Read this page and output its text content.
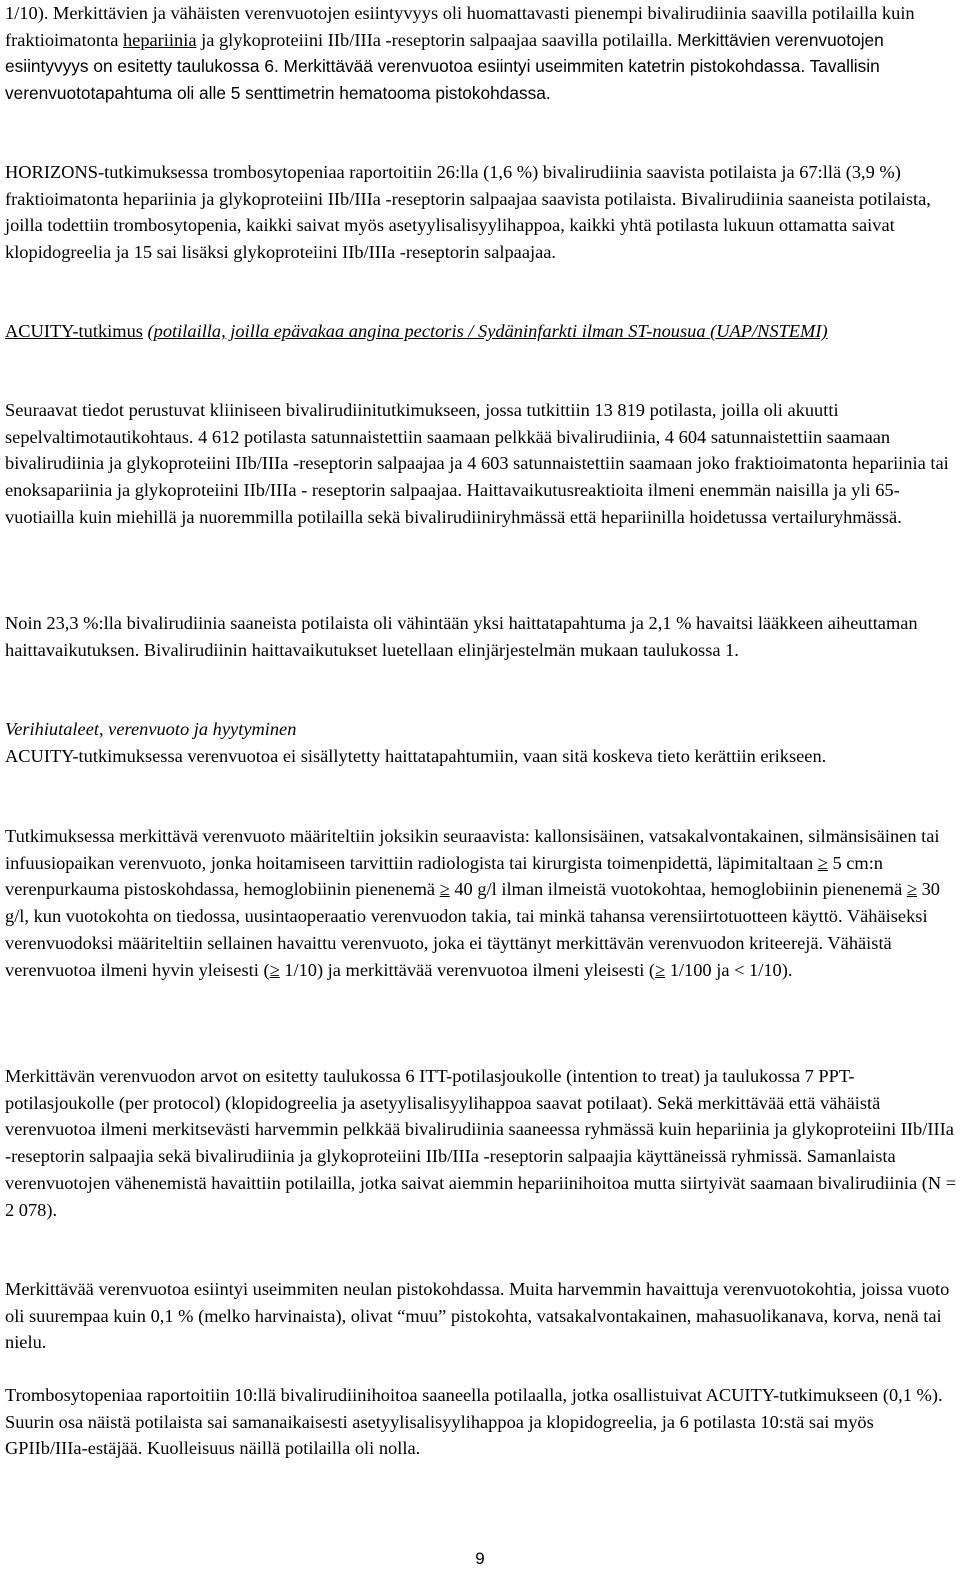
1/10). Merkittävien ja vähäisten verenvuotojen esiintyvyys oli huomattavasti pienempi bivalirudiinia saavilla potilailla kuin fraktioimatonta hepariinia ja glykoproteiini IIb/IIIa -reseptorin salpaajaa saavilla potilailla. Merkittävien verenvuotojen esiintyvyys on esitetty taulukossa 6. Merkittävää verenvuotoa esiintyi useimmiten katetrin pistokohdassa. Tavallisin verenvuototapahtuma oli alle 5 senttimetrin hematooma pistokohdassa.

HORIZONS-tutkimuksessa trombosytopeniaa raportoitiin 26:lla (1,6 %) bivalirudiinia saavista potilaista ja 67:llä (3,9 %) fraktioimatonta hepariinia ja glykoproteiini IIb/IIIa -reseptorin salpaajaa saavista potilaista. Bivalirudiinia saaneista potilaista, joilla todettiin trombosytopenia, kaikki saivat myös asetyylisalisyylihappoa, kaikki yhtä potilasta lukuun ottamatta saivat klopidogreelia ja 15 sai lisäksi glykoproteiini IIb/IIIa -reseptorin salpaajaa.

ACUITY-tutkimus (potilailla, joilla epävakaa angina pectoris / Sydäninfarkti ilman ST-nousua (UAP/NSTEMI)

Seuraavat tiedot perustuvat kliiniseen bivalirudiinitutkimukseen, jossa tutkittiin 13 819 potilasta, joilla oli akuutti sepelvaltimotautikohtaus. 4 612 potilasta satunnaistettiin saamaan pelkkää bivalirudiinia, 4 604 satunnaistettiin saamaan bivalirudiinia ja glykoproteiini IIb/IIIa -reseptorin salpaajaa ja 4 603 satunnaistettiin saamaan joko fraktioimatonta hepariinia tai enoksapariinia ja glykoproteiini IIb/IIIa - reseptorin salpaajaa. Haittavaikutusreaktioita ilmeni enemmän naisilla ja yli 65-vuotiailla kuin miehillä ja nuoremmilla potilailla sekä bivalirudiiniryhmässä että hepariinilla hoidetussa vertailuryhmässä.

Noin 23,3 %:lla bivalirudiinia saaneista potilaista oli vähintään yksi haittatapahtuma ja 2,1 % havaitsi lääkkeen aiheuttaman haittavaikutuksen. Bivalirudiinin haittavaikutukset luetellaan elinjärjestelmän mukaan taulukossa 1.

Verihiutaleet, verenvuoto ja hyytyminen

ACUITY-tutkimuksessa verenvuotoa ei sisällytetty haittatapahtumiin, vaan sitä koskeva tieto kerättiin erikseen.

Tutkimuksessa merkittävä verenvuoto määriteltiin joksikin seuraavista: kallonsisäinen, vatsakalvontakainen, silmänsisäinen tai infuusiopaikan verenvuoto, jonka hoitamiseen tarvittiin radiologista tai kirurgista toimenpidettä, läpimitaltaan ≥ 5 cm:n verenpurkauma pistoskohdassa, hemoglobiinin pienenemä ≥ 40 g/l ilman ilmeistä vuotokohtaa, hemoglobiinin pienenemä ≥ 30 g/l, kun vuotokohta on tiedossa, uusintaoperaatio verenvuodon takia, tai minkä tahansa verensiirtotuotteen käyttö. Vähäiseksi verenvuodoksi määriteltiin sellainen havaittu verenvuoto, joka ei täyttänyt merkittävän verenvuodon kriteerejä. Vähäistä verenvuotoa ilmeni hyvin yleisesti (≥ 1/10) ja merkittävää verenvuotoa ilmeni yleisesti (≥ 1/100 ja < 1/10).

Merkittävän verenvuodon arvot on esitetty taulukossa 6 ITT-potilasjoukolle (intention to treat) ja taulukossa 7 PPT-potilasjoukolle (per protocol) (klopidogreelia ja asetyylisalisyylihappoa saavat potilaat). Sekä merkittävää että vähäistä verenvuotoa ilmeni merkitsevästi harvemmin pelkkää bivalirudiinia saaneessa ryhmässä kuin hepariinia ja glykoproteiini IIb/IIIa -reseptorin salpaajia sekä bivalirudiinia ja glykoproteiini IIb/IIIa -reseptorin salpaajia käyttäneissä ryhmissä. Samanlaista verenvuotojen vähenemistä havaittiin potilailla, jotka saivat aiemmin hepariinihoitoa mutta siirtyivät saamaan bivalirudiinia (N = 2 078).

Merkittävää verenvuotoa esiintyi useimmiten neulan pistokohdassa. Muita harvemmin havaittuja verenvuotokohtia, joissa vuoto oli suurempaa kuin 0,1 % (melko harvinaista), olivat “muu” pistokohta, vatsakalvontakainen, mahasuolikanava, korva, nenä tai nielu.

Trombosytopeniaa raportoitiin 10:llä bivalirudiinihoitoa saaneella potilaalla, jotka osallistuivat ACUITY-tutkimukseen (0,1 %). Suurin osa näistä potilaista sai samanaikaisesti asetyylisalisyylihappoa ja klopidogreelia, ja 6 potilasta 10:stä sai myös GPIIb/IIIa-estäjää. Kuolleisuus näillä potilailla oli nolla.

9
